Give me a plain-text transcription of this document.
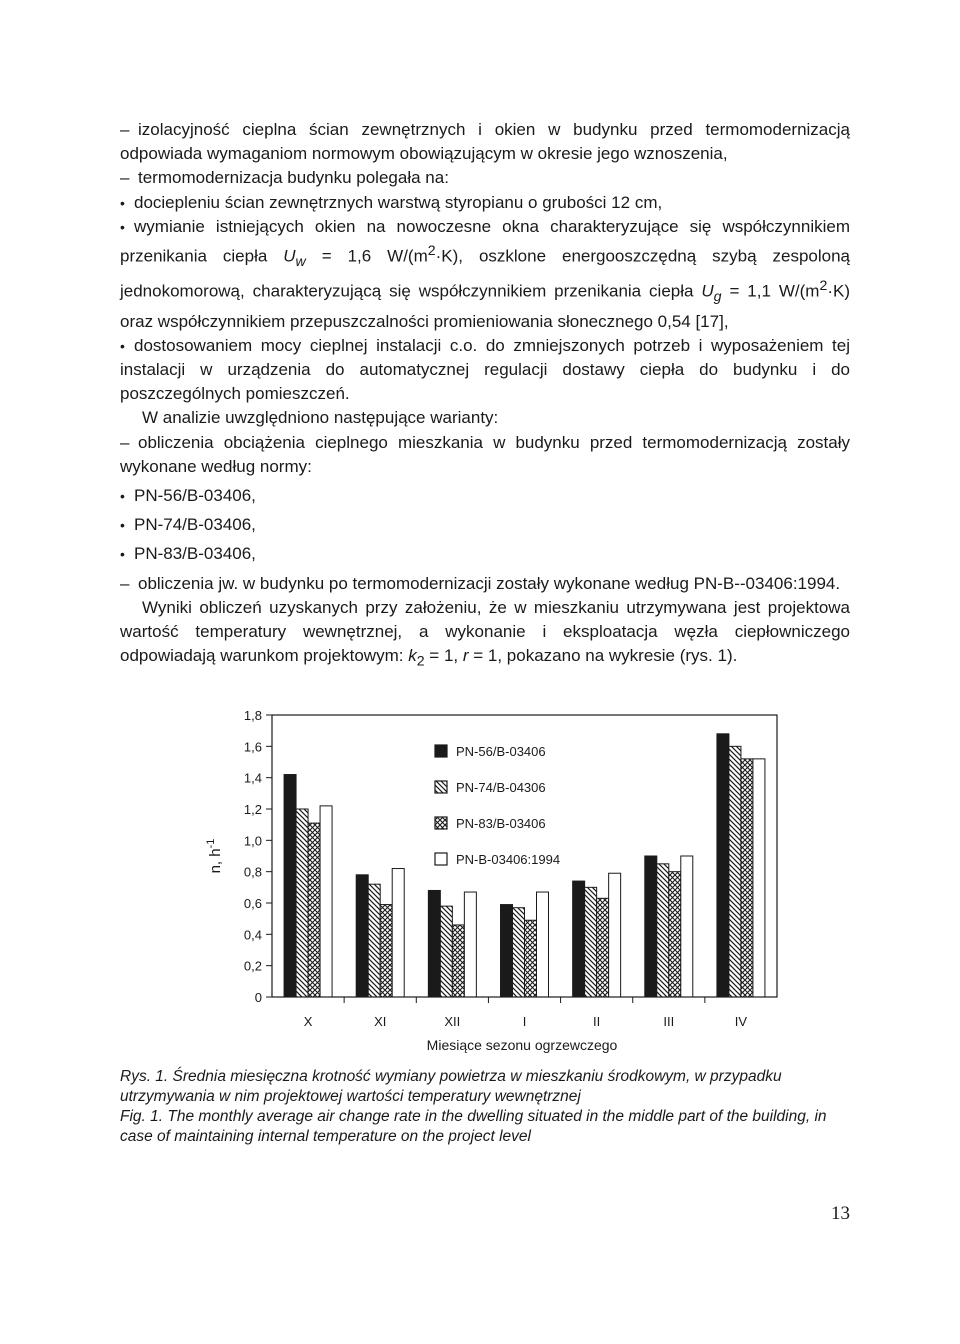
– izolacyjność cieplna ścian zewnętrznych i okien w budynku przed termomodernizacją odpowiada wymaganiom normowym obowiązującym w okresie jego wznoszenia,

– termomodernizacja budynku polegała na:

• dociepleniu ścian zewnętrznych warstwą styropianu o grubości 12 cm,

• wymianie istniejących okien na nowoczesne okna charakteryzujące się współczynnikiem przenikania ciepła $U_w = 1,6$ $W/(m^2\cdot K)$, oszklone energooszczędną szybą zespoloną jednokomorową, charakteryzującą się współczynnikiem przenikania ciepła $U_g = 1,1$ $W/(m^2\cdot K)$ oraz współczynnikiem przepuszczalności promieniowania słonecznego 0,54 [17],

• dostosowaniem mocy cieplnej instalacji c.o. do zmniejszonych potrzeb i wyposażeniem tej instalacji w urządzenia do automatycznej regulacji dostawy ciepła do budynku i do poszczególnych pomieszczeń.

W analizie uwzględniono następujące warianty:

– obliczenia obciążenia cieplnego mieszkania w budynku przed termomodernizacją zostały wykonane według normy:

• PN-56/B-03406,

• PN-74/B-03406,

• PN-83/B-03406,

– obliczenia jw. w budynku po termomodernizacji zostały wykonane według PN-B--03406:1994.

Wyniki obliczeń uzyskanych przy założeniu, że w mieszkaniu utrzymywana jest projektowa wartość temperatury wewnętrznej, a wykonanie i eksploatacja węzła ciepłowniczego odpowiadają warunkom projektowym: $k_2 = 1$, r = 1, pokazano na wykresie (rys. 1).

0
0,2
0,4
0,6
0,8
1,0
1,2
1,4
1,6
1,8
X	XI	XII	I	II	III	IV
n, $h^{-1}$
Miesiące sezonu ogrzewczego
PN-56/B-03406
PN-74/B-04306
PN-83/B-03406
PN-B-03406:1994

Rys. 1. Średnia miesięczna krotność wymiany powietrza w mieszkaniu środkowym, w przypadku utrzymywania w nim projektowej wartości temperatury wewnętrznej

Fig. 1. The monthly average air change rate in the dwelling situated in the middle part of the building, in case of maintaining internal temperature on the project level

13
